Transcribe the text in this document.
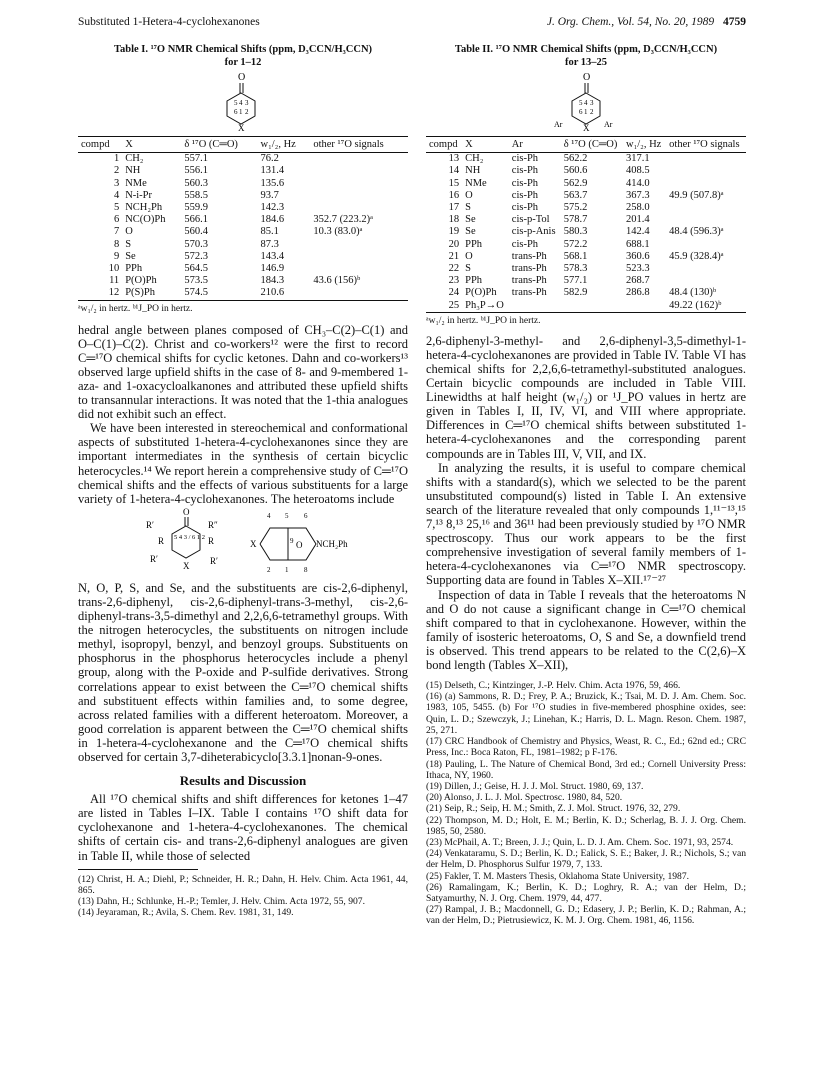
Substituted 1-Hetera-4-cyclohexanones	J. Org. Chem., Vol. 54, No. 20, 1989 4759
Table I. ¹⁷O NMR Chemical Shifts (ppm, D₃CCN/H₃CCN)
for 1–12
O
5 4 3
6 1 2
X
compd	X	δ ¹⁷O (C═O)	w₁/₂, Hz	other ¹⁷O signals
1	CH₂	557.1	76.2	
2	NH	556.1	131.4	
3	NMe	560.3	135.6	
4	N-i-Pr	558.5	93.7	
5	NCH₂Ph	559.9	142.3	
6	NC(O)Ph	566.1	184.6	352.7 (223.2)ᵃ
7	O	560.4	85.1	10.3 (83.0)ᵃ
8	S	570.3	87.3	
9	Se	572.3	143.4	
10	PPh	564.5	146.9	
11	P(O)Ph	573.5	184.3	43.6 (156)ᵇ
12	P(S)Ph	574.5	210.6	
ᵃw₁/₂ in hertz. ᵇ¹J_PO in hertz.

hedral angle between planes composed of CH₃–C(2)–C(1) and O–C(1)–C(2). Christ and co-workers¹² were the first to record C═¹⁷O chemical shifts for cyclic ketones. Dahn and co-workers¹³ observed large upfield shifts in the case of 8- and 9-membered 1-aza- and 1-oxacycloalkanones and attributed these upfield shifts to transannular interactions. It was noted that the 1-thia analogues did not exhibit such an effect.

We have been interested in stereochemical and conformational aspects of substituted 1-hetera-4-cyclohexanones since they are important intermediates in the synthesis of certain bicyclic heterocycles.¹⁴ We report herein a comprehensive study of C═¹⁷O chemical shifts and the effects of various substituents for a large variety of 1-hetera-4-cyclohexanones. The heteroatoms include

O
5 4 3 / 6 1 2
R′	R″
R	R
R′	R′
X
4 5 6
X	9 O NCH₂Ph
2 1 8

N, O, P, S, and Se, and the substituents are cis-2,6-diphenyl, trans-2,6-diphenyl, cis-2,6-diphenyl-trans-3-methyl, cis-2,6-diphenyl-trans-3,5-dimethyl and 2,2,6,6-tetramethyl groups. With the nitrogen heterocycles, the substituents on nitrogen include methyl, isopropyl, benzyl, and benzoyl groups. Substituents on phosphorus in the phosphorus heterocycles include a phenyl group, along with the P-oxide and P-sulfide derivatives. Strong correlations appear to exist between the C═¹⁷O chemical shifts and substituent effects within families and, to some degree, across related families with a different heteroatom. Moreover, a good correlation is apparent between the C═¹⁷O chemical shifts in 1-hetera-4-cyclohexanone and the C═¹⁷O chemical shifts observed for certain 3,7-diheterabicyclo[3.3.1]nonan-9-ones.

Results and Discussion

All ¹⁷O chemical shifts and shift differences for ketones 1–47 are listed in Tables I–IX. Table I contains ¹⁷O shift data for cyclohexanone and 1-hetera-4-cyclohexanones. The chemical shifts of certain cis- and trans-2,6-diphenyl analogues are given in Table II, while those of selected

(12) Christ, H. A.; Diehl, P.; Schneider, H. R.; Dahn, H. Helv. Chim. Acta 1961, 44, 865.
(13) Dahn, H.; Schlunke, H.-P.; Temler, J. Helv. Chim. Acta 1972, 55, 907.
(14) Jeyaraman, R.; Avila, S. Chem. Rev. 1981, 31, 149.
Table II. ¹⁷O NMR Chemical Shifts (ppm, D₃CCN/H₃CCN)
for 13–25
O
5 4 3
6 1 2
X
Ar	Ar
compd	X	Ar	δ ¹⁷O (C═O)	w₁/₂, Hz	other ¹⁷O signals
13	CH₂	cis-Ph	562.2	317.1	
14	NH	cis-Ph	560.6	408.5	
15	NMe	cis-Ph	562.9	414.0	
16	O	cis-Ph	563.7	367.3	49.9 (507.8)ᵃ
17	S	cis-Ph	575.2	258.0	
18	Se	cis-p-Tol	578.7	201.4	
19	Se	cis-p-Anis	580.3	142.4	48.4 (596.3)ᵃ
20	PPh	cis-Ph	572.2	688.1	
21	O	trans-Ph	568.1	360.6	45.9 (328.4)ᵃ
22	S	trans-Ph	578.3	523.3	
23	PPh	trans-Ph	577.1	268.7	
24	P(O)Ph	trans-Ph	582.9	286.8	48.4 (130)ᵇ
25	Ph₃P→O				49.22 (162)ᵇ
ᵃw₁/₂ in hertz. ᵇ¹J_PO in hertz.

2,6-diphenyl-3-methyl- and 2,6-diphenyl-3,5-dimethyl-1-hetera-4-cyclohexanones are provided in Table IV. Table VI has chemical shifts for 2,2,6,6-tetramethyl-substituted analogues. Certain bicyclic compounds are included in Table VIII. Linewidths at half height (w₁/₂) or ¹J_PO values in hertz are given in Tables I, II, IV, VI, and VIII where appropriate. Differences in C═¹⁷O chemical shifts between substituted 1-hetera-4-cyclohexanones and the corresponding parent compounds are in Tables III, V, VII, and IX.

In analyzing the results, it is useful to compare chemical shifts with a standard(s), which we selected to be the parent unsubstituted compound(s) listed in Table I. An extensive search of the literature revealed that only compounds 1,¹¹⁻¹³,¹⁵ 7,¹³ 8,¹³ 25,¹⁶ and 36¹¹ had been previously studied by ¹⁷O NMR spectroscopy. Thus our work appears to be the first comprehensive investigation of several family members of 1-hetera-4-cyclohexanones via C═¹⁷O NMR spectroscopy. Supporting data are found in Tables X–XII.¹⁷⁻²⁷

Inspection of data in Table I reveals that the heteroatoms N and O do not cause a significant change in C═¹⁷O chemical shift compared to that in cyclohexanone. However, within the family of isosteric heteroatoms, O, S and Se, a downfield trend is observed. This trend appears to be related to the C(2,6)–X bond length (Tables X–XII),

(15) Delseth, C.; Kintzinger, J.-P. Helv. Chim. Acta 1976, 59, 466.
(16) (a) Sammons, R. D.; Frey, P. A.; Bruzick, K.; Tsai, M. D. J. Am. Chem. Soc. 1983, 105, 5455. (b) For ¹⁷O studies in five-membered phosphine oxides, see: Quin, L. D.; Szewczyk, J.; Linehan, K.; Harris, D. L. Magn. Reson. Chem. 1987, 25, 271.
(17) CRC Handbook of Chemistry and Physics, Weast, R. C., Ed.; 62nd ed.; CRC Press, Inc.: Boca Raton, FL, 1981–1982; p F-176.
(18) Pauling, L. The Nature of Chemical Bond, 3rd ed.; Cornell University Press: Ithaca, NY, 1960.
(19) Dillen, J.; Geise, H. J. J. Mol. Struct. 1980, 69, 137.
(20) Alonso, J. L. J. Mol. Spectrosc. 1980, 84, 520.
(21) Seip, R.; Seip, H. M.; Smith, Z. J. Mol. Struct. 1976, 32, 279.
(22) Thompson, M. D.; Holt, E. M.; Berlin, K. D.; Scherlag, B. J. J. Org. Chem. 1985, 50, 2580.
(23) McPhail, A. T.; Breen, J. J.; Quin, L. D. J. Am. Chem. Soc. 1971, 93, 2574.
(24) Venkataramu, S. D.; Berlin, K. D.; Ealick, S. E.; Baker, J. R.; Nichols, S.; van der Helm, D. Phosphorus Sulfur 1979, 7, 133.
(25) Fakler, T. M. Masters Thesis, Oklahoma State University, 1987.
(26) Ramalingam, K.; Berlin, K. D.; Loghry, R. A.; van der Helm, D.; Satyamurthy, N. J. Org. Chem. 1979, 44, 477.
(27) Rampal, J. B.; Macdonnell, G. D.; Edasery, J. P.; Berlin, K. D.; Rahman, A.; van der Helm, D.; Pietrusiewicz, K. M. J. Org. Chem. 1981, 46, 1156.
